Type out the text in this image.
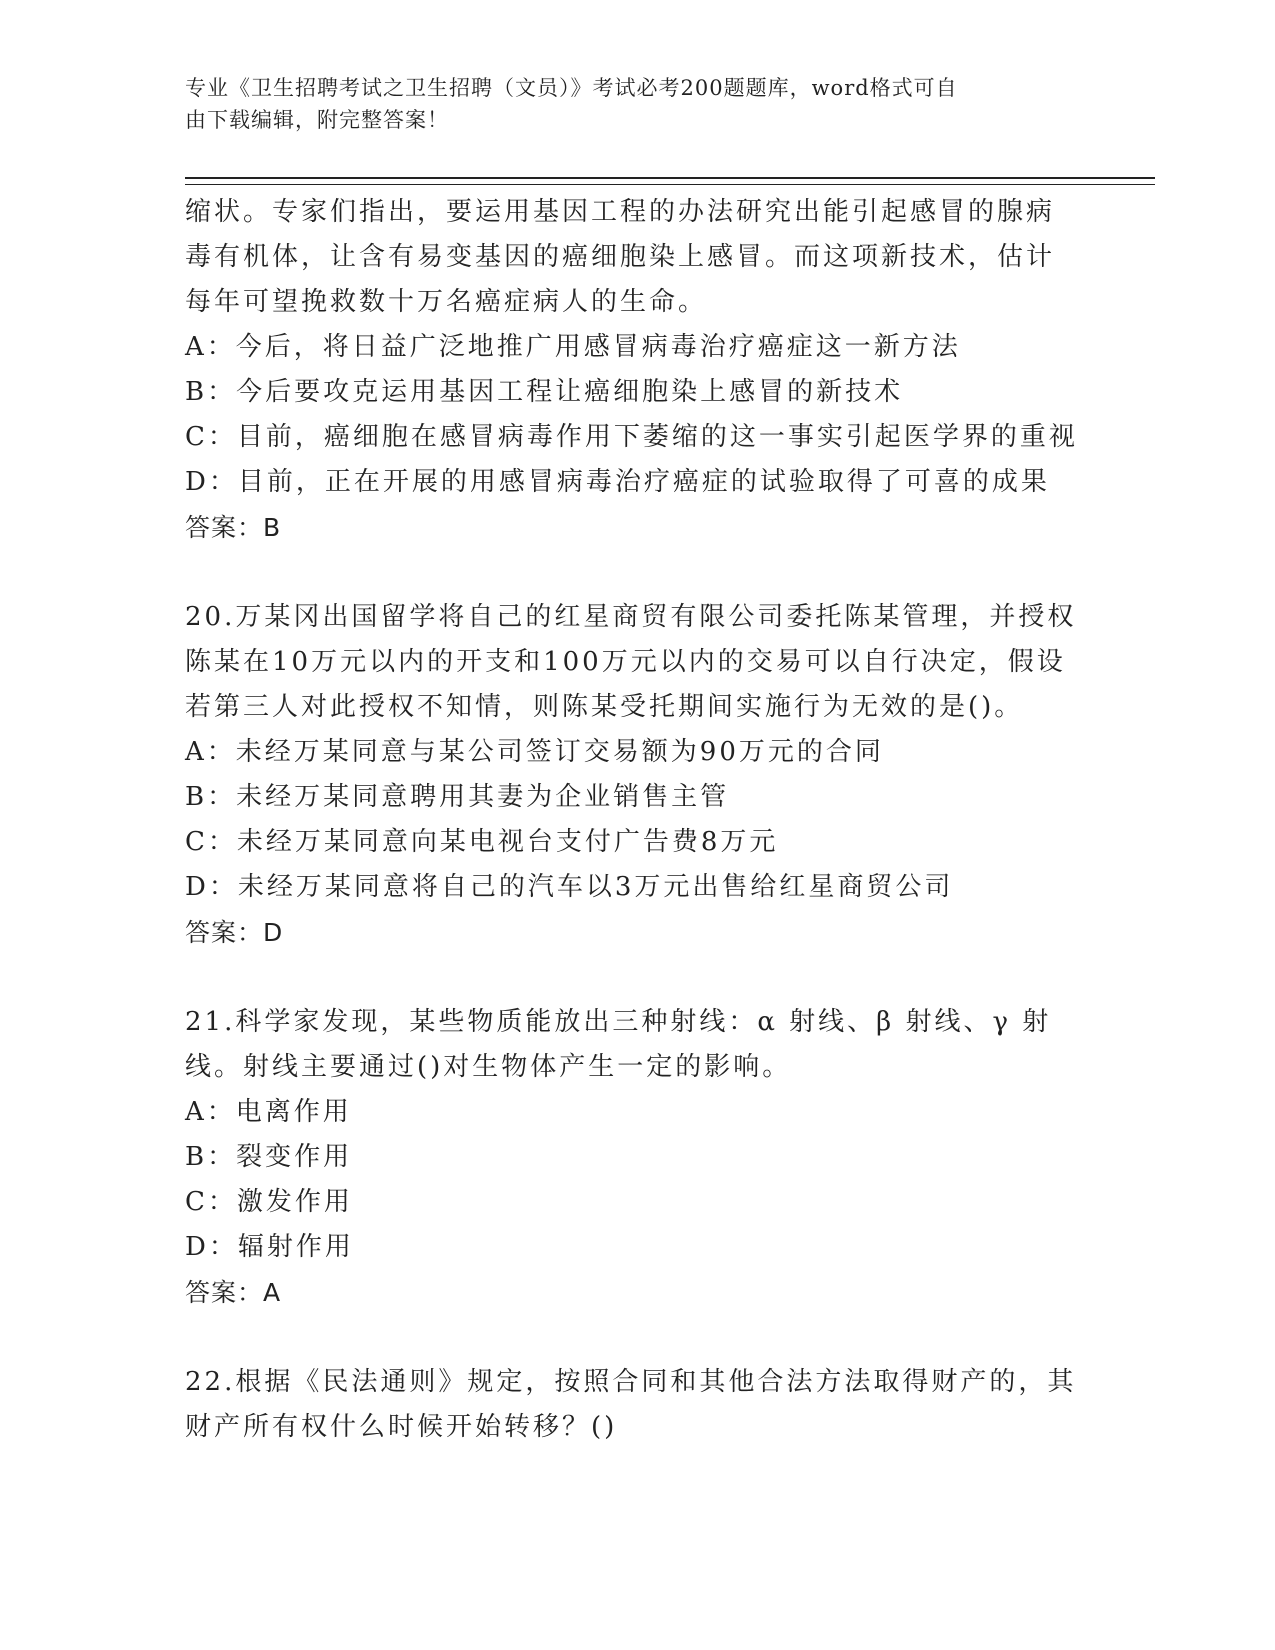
专业《卫生招聘考试之卫生招聘（文员）》考试必考200题题库，word格式可自
由下载编辑，附完整答案！
缩状。专家们指出，要运用基因工程的办法研究出能引起感冒的腺病
毒有机体，让含有易变基因的癌细胞染上感冒。而这项新技术，估计
每年可望挽救数十万名癌症病人的生命。
A：今后，将日益广泛地推广用感冒病毒治疗癌症这一新方法
B：今后要攻克运用基因工程让癌细胞染上感冒的新技术
C：目前，癌细胞在感冒病毒作用下萎缩的这一事实引起医学界的重视
D：目前，正在开展的用感冒病毒治疗癌症的试验取得了可喜的成果
答案：B
20.万某冈出国留学将自己的红星商贸有限公司委托陈某管理，并授权
陈某在10万元以内的开支和100万元以内的交易可以自行决定，假设
若第三人对此授权不知情，则陈某受托期间实施行为无效的是()。
A：未经万某同意与某公司签订交易额为90万元的合同
B：未经万某同意聘用其妻为企业销售主管
C：未经万某同意向某电视台支付广告费8万元
D：未经万某同意将自己的汽车以3万元出售给红星商贸公司
答案：D
21.科学家发现，某些物质能放出三种射线：α 射线、β 射线、γ 射
线。射线主要通过()对生物体产生一定的影响。
A：电离作用
B：裂变作用
C：激发作用
D：辐射作用
答案：A
22.根据《民法通则》规定，按照合同和其他合法方法取得财产的，其
财产所有权什么时候开始转移？()
